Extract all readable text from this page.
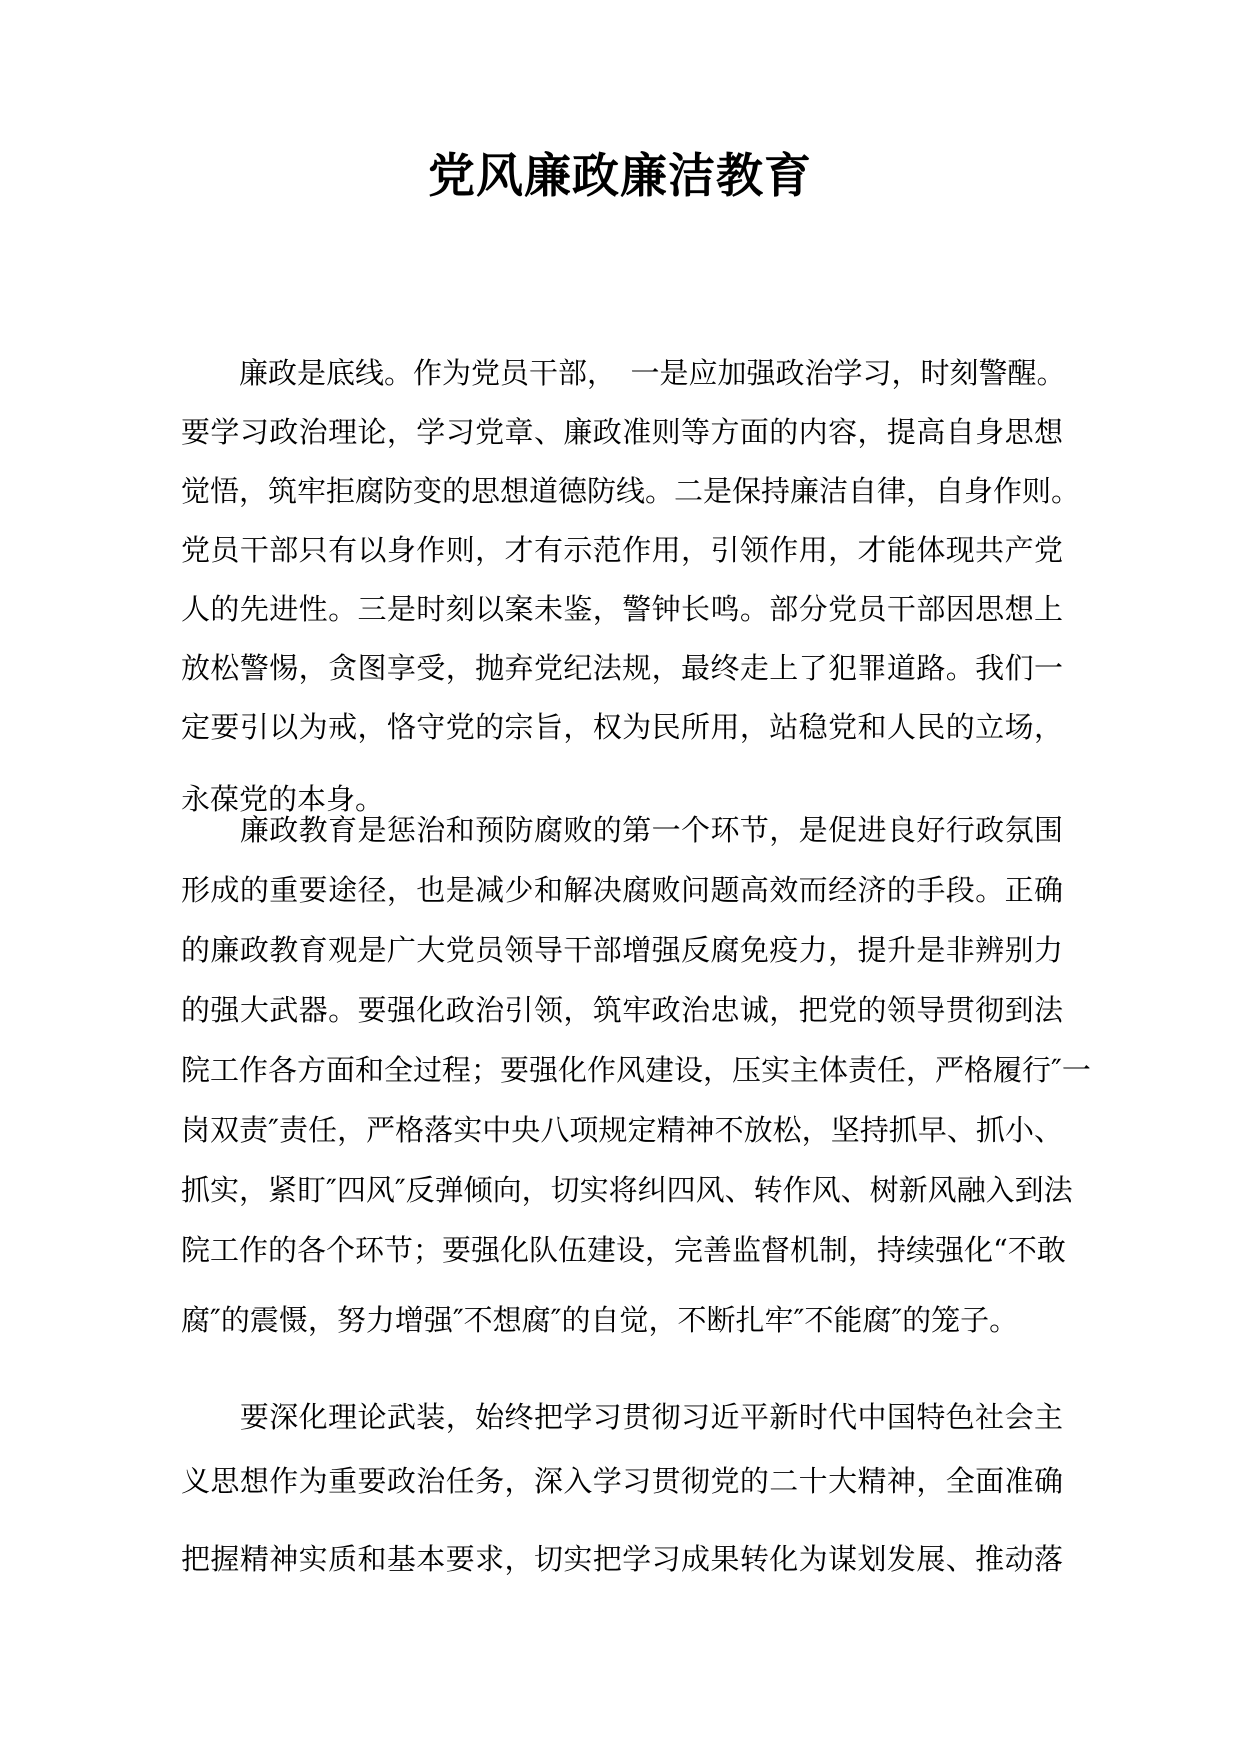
党风廉政廉洁教育
　　廉政是底线。作为党员干部，　一是应加强政治学习，时刻警醒。
要学习政治理论，学习党章、廉政准则等方面的内容，提高自身思想
觉悟，筑牢拒腐防变的思想道德防线。二是保持廉洁自律，自身作则。
党员干部只有以身作则，才有示范作用，引领作用，才能体现共产党
人的先进性。三是时刻以案未鉴，警钟长鸣。部分党员干部因思想上
放松警惕，贪图享受，抛弃党纪法规，最终走上了犯罪道路。我们一
定要引以为戒，恪守党的宗旨，权为民所用，站稳党和人民的立场，
永葆党的本身。
　　廉政教育是惩治和预防腐败的第一个环节，是促进良好行政氛围
形成的重要途径，也是减少和解决腐败问题高效而经济的手段。正确
的廉政教育观是广大党员领导干部增强反腐免疫力，提升是非辨别力
的强大武器。要强化政治引领，筑牢政治忠诚，把党的领导贯彻到法
院工作各方面和全过程；要强化作风建设，压实主体责任，严格履行″一
岗双责″责任，严格落实中央八项规定精神不放松，坚持抓早、抓小、
抓实，紧盯″四风″反弹倾向，切实将纠四风、转作风、树新风融入到法
院工作的各个环节；要强化队伍建设，完善监督机制，持续强化“不敢
腐″的震慑，努力增强″不想腐″的自觉，不断扎牢″不能腐″的笼子。
　　要深化理论武装，始终把学习贯彻习近平新时代中国特色社会主
义思想作为重要政治任务，深入学习贯彻党的二十大精神，全面准确
把握精神实质和基本要求，切实把学习成果转化为谋划发展、推动落
